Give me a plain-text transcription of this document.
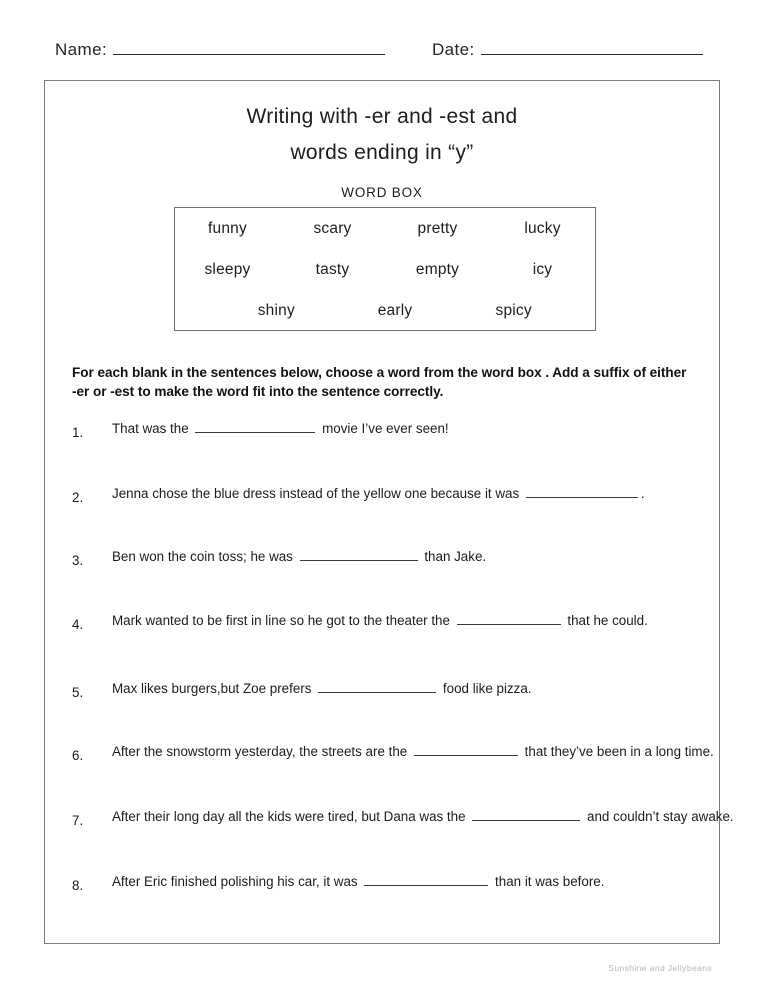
Name:	Date:
Writing with -er and -est and
words ending in “y”
WORD BOX
funny	scary	pretty	lucky
sleepy	tasty	empty	icy
shiny	early	spicy
For each blank in the sentences below, choose a word from the word box . Add a suffix of either -er or -est to make the word fit into the sentence correctly.
1.	That was the	movie I’ve ever seen!
2.	Jenna chose the blue dress instead of the yellow one because it was	.
3.	Ben won the coin toss; he was	than Jake.
4.	Mark wanted to be first in line so he got to the theater the	that he could.
5.	Max likes burgers,but Zoe prefers	food like pizza.
6.	After the snowstorm yesterday, the streets are the	that they’ve been in a long time.
7.	After their long day all the kids were tired, but Dana was the	and couldn’t stay awake.
8.	After Eric finished polishing his car, it was	than it was before.
Sunshine and Jellybeans
